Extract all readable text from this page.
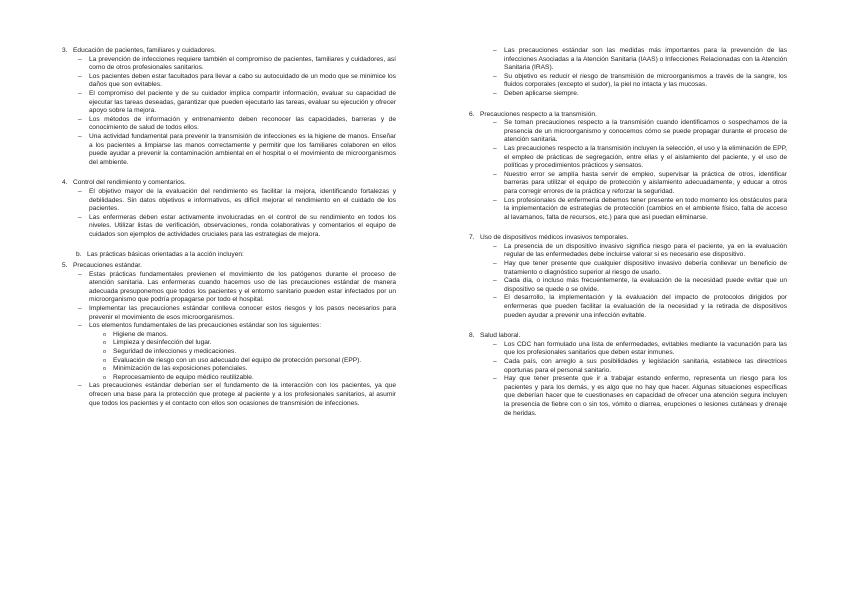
3. Educación de pacientes, familiares y cuidadores.
– La prevención de infecciones requiere también el compromiso de pacientes, familiares y cuidadores, así como de otros profesionales sanitarios.
– Los pacientes deben estar facultados para llevar a cabo su autocuidado de un modo que se minimice los daños que son evitables.
– El compromiso del paciente y de su cuidador implica compartir información, evaluar su capacidad de ejecutar las tareas deseadas, garantizar que pueden ejecutarlo las tareas, evaluar su ejecución y ofrecer apoyo sobre la mejora.
– Los métodos de información y entrenamiento deben reconocer las capacidades, barreras y de conocimiento de salud de todos ellos.
– Una actividad fundamental para prevenir la transmisión de infecciones es la higiene de manos. Enseñar a los pacientes a limpiarse las manos correctamente y permitir que los familiares colaboren en ellos puede ayudar a prevenir la contaminación ambiental en el hospital o el movimiento de microorganismos del ambiente.
4. Control del rendimiento y comentarios.
– El objetivo mayor de la evaluación del rendimiento es facilitar la mejora, identificando fortalezas y debilidades. Sin datos objetivos e informativos, es difícil mejorar el rendimiento en el cuidado de los pacientes.
– Las enfermeras deben estar activamente involucradas en el control de su rendimiento en todos los niveles. Utilizar listas de verificación, observaciones, ronda colaborativas y comentarios el equipo de cuidados son ejemplos de actividades cruciales para las estrategias de mejora.
b. Las prácticas básicas orientadas a la acción incluyen:
5. Precauciones estándar.
– Estas prácticas fundamentales previenen el movimiento de los patógenos durante el proceso de atención sanitaria. Las enfermeras cuando hacemos uso de las precauciones estándar de manera adecuada presuponemos que todos los pacientes y el entorno sanitario pueden estar infectados por un microorganismo que podría propagarse por todo el hospital.
– Implementar las precauciones estándar conlleva conocer estos riesgos y los pasos necesarios para prevenir el movimiento de esos microorganismos.
– Los elementos fundamentales de las precauciones estándar son los siguientes:
o Higiene de manos.
o Limpieza y desinfección del lugar.
o Seguridad de infecciones y medicaciones.
o Evaluación de riesgo con un uso adecuado del equipo de protección personal (EPP).
o Minimización de las exposiciones potenciales.
o Reprocesamiento de equipo médico reutilizable.
– Las precauciones estándar deberían ser el fundamento de la interacción con los pacientes, ya que ofrecen una base para la protección que protege al paciente y a los profesionales sanitarios, al asumir que todos los pacientes y el contacto con ellos son ocasiones de transmisión de infecciones.
– Las precauciones estándar son las medidas más importantes para la prevención de las infecciones Asociadas a la Atención Sanitaria (IAAS) o Infecciones Relacionadas con la Atención Sanitaria (IRAS).
– Su objetivo es reducir el riesgo de transmisión de microorganismos a través de la sangre, los fluidos corporales (excepto el sudor), la piel no intacta y las mucosas.
– Deben aplicarse siempre.
6. Precauciones respecto a la transmisión.
– Se toman precauciones respecto a la transmisión cuando identificamos o sospechamos de la presencia de un microorganismo y conocemos cómo se puede propagar durante el proceso de atención sanitaria.
– Las precauciones respecto a la transmisión incluyen la selección, el uso y la eliminación de EPP, el empleo de prácticas de segregación, entre ellas y el aislamiento del paciente, y el uso de políticas y procedimientos prácticos y sensatos.
– Nuestro error se amplía hasta servir de empleo, supervisar la práctica de otros, identificar barreras para utilizar el equipo de protección y aislamiento adecuadamente, y educar a otros para corregir errores de la práctica y reforzar la seguridad.
– Los profesionales de enfermería debemos tener presente en todo momento los obstáculos para la implementación de estrategias de protección (cambios en el ambiente físico, falta de acceso al lavamanos, falta de recursos, etc.) para que así puedan eliminarse.
7. Uso de dispositivos médicos invasivos temporales.
– La presencia de un dispositivo invasivo significa riesgo para el paciente, ya en la evaluación regular de las enfermedades debe incluirse valorar si es necesario ese dispositivo.
– Hay que tener presente que cualquier dispositivo invasivo debería conllevar un beneficio de tratamiento o diagnóstico superior al riesgo de usarlo.
– Cada día, o incluso más frecuentemente, la evaluación de la necesidad puede evitar que un dispositivo se quede o se olvide.
– El desarrollo, la implementación y la evaluación del impacto de protocolos dirigidos por enfermeras que pueden facilitar la evaluación de la necesidad y la retirada de dispositivos pueden ayudar a prevenir una infección evitable.
8. Salud laboral.
– Los CDC han formulado una lista de enfermedades, evitables mediante la vacunación para las que los profesionales sanitarios que deben estar inmunes.
– Cada país, con arreglo a sus posibilidades y legislación sanitaria, establece las directrices oportunas para el personal sanitario.
– Hay que tener presente que ir a trabajar estando enfermo, representa un riesgo para los pacientes y para los demás, y es algo que no hay que hacer. Algunas situaciones específicas que deberían hacer que te cuestionases en capacidad de ofrecer una atención segura incluyen la presencia de fiebre con o sin tos, vómito o diarrea, erupciones o lesiones cutáneas y drenaje de heridas.
